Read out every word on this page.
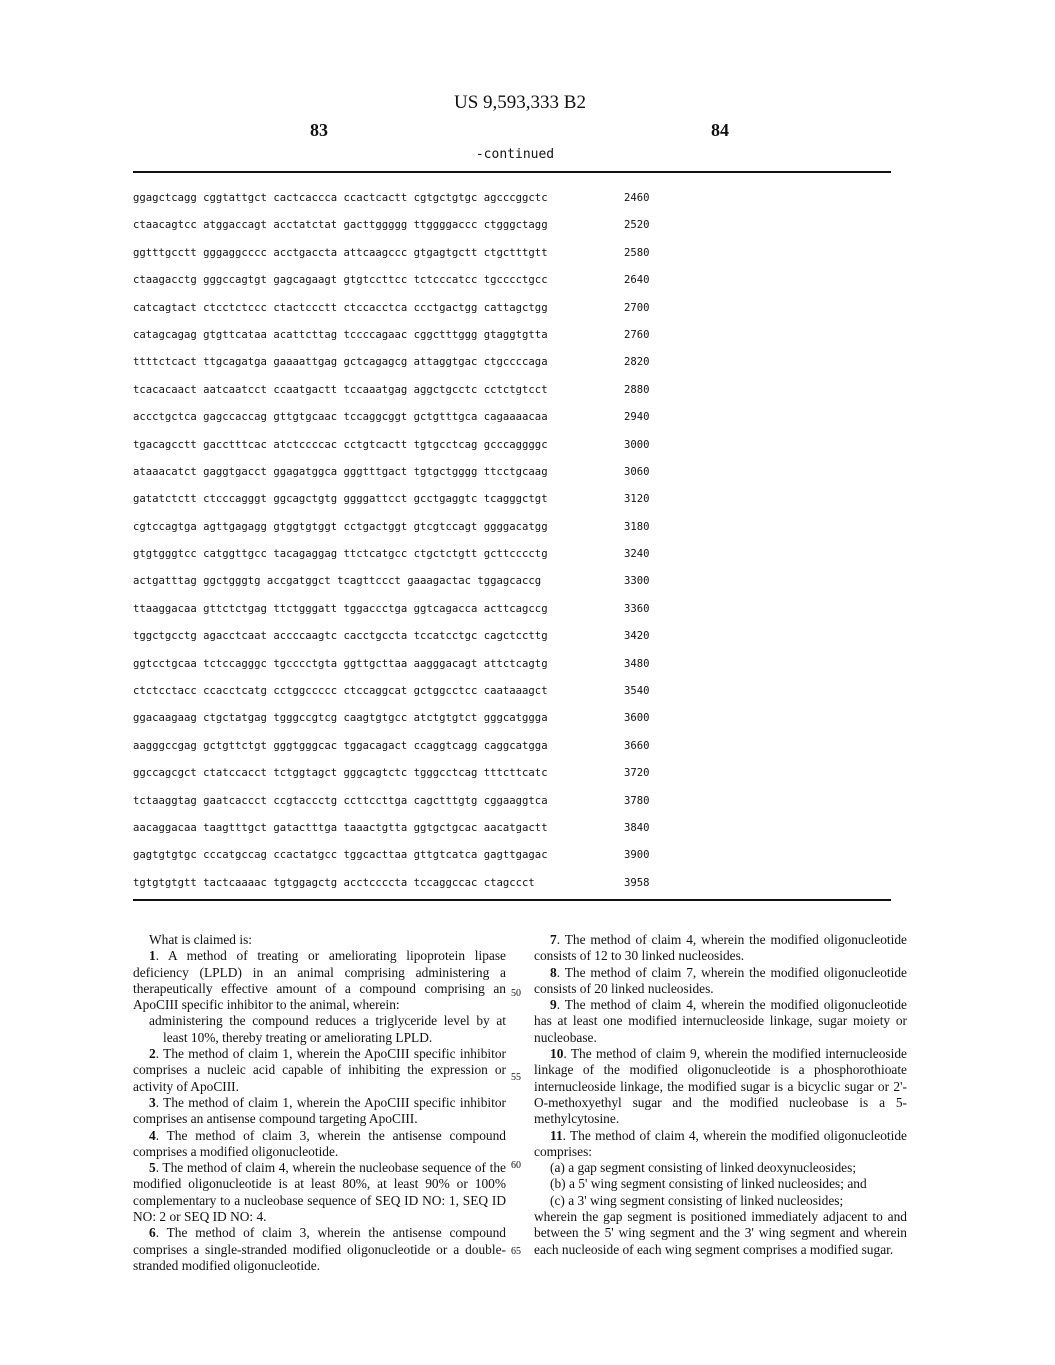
US 9,593,333 B2
83	84
-continued
ggagctcagg cggtattgct cactcaccca ccactcactt cgtgctgtgc agcccggctc	2460
ctaacagtcc atggaccagt acctatctat gacttggggg ttggggaccc ctgggctagg	2520
ggtttgcctt gggaggcccc acctgaccta attcaagccc gtgagtgctt ctgctttgtt	2580
ctaagacctg gggccagtgt gagcagaagt gtgtccttcc tctcccatcc tgcccctgcc	2640
catcagtact ctcctctccc ctactccctt ctccacctca ccctgactgg cattagctgg	2700
catagcagag gtgttcataa acattcttag tccccagaac cggctttggg gtaggtgtta	2760
ttttctcact ttgcagatga gaaaattgag gctcagagcg attaggtgac ctgccccaga	2820
tcacacaact aatcaatcct ccaatgactt tccaaatgag aggctgcctc cctctgtcct	2880
accctgctca gagccaccag gttgtgcaac tccaggcggt gctgtttgca cagaaaacaa	2940
tgacagcctt gacctttcac atctccccac cctgtcactt tgtgcctcag gcccaggggc	3000
ataaacatct gaggtgacct ggagatggca gggtttgact tgtgctgggg ttcctgcaag	3060
gatatctctt ctcccagggt ggcagctgtg ggggattcct gcctgaggtc tcagggctgt	3120
cgtccagtga agttgagagg gtggtgtggt cctgactggt gtcgtccagt ggggacatgg	3180
gtgtgggtcc catggttgcc tacagaggag ttctcatgcc ctgctctgtt gcttcccctg	3240
actgatttag ggctgggtg accgatggct tcagttccct gaaagactac tggagcaccg	3300
ttaaggacaa gttctctgag ttctgggatt tggaccctga ggtcagacca acttcagccg	3360
tggctgcctg agacctcaat accccaagtc cacctgccta tccatcctgc cagctccttg	3420
ggtcctgcaa tctccagggc tgcccctgta ggttgcttaa aagggacagt attctcagtg	3480
ctctcctacc ccacctcatg cctggccccc ctccaggcat gctggcctcc caataaagct	3540
ggacaagaag ctgctatgag tgggccgtcg caagtgtgcc atctgtgtct gggcatggga	3600
aagggccgag gctgttctgt gggtgggcac tggacagact ccaggtcagg caggcatgga	3660
ggccagcgct ctatccacct tctggtagct gggcagtctc tgggcctcag tttcttcatc	3720
tctaaggtag gaatcaccct ccgtaccctg ccttccttga cagctttgtg cggaaggtca	3780
aacaggacaa taagtttgct gatactttga taaactgtta ggtgctgcac aacatgactt	3840
gagtgtgtgc cccatgccag ccactatgcc tggcacttaa gttgtcatca gagttgagac	3900
tgtgtgtgtt tactcaaaac tgtggagctg acctccccta tccaggccac ctagccct	3958

What is claimed is:

1. A method of treating or ameliorating lipoprotein lipase deficiency (LPLD) in an animal comprising administering a therapeutically effective amount of a compound comprising an ApoCIII specific inhibitor to the animal, wherein:

administering the compound reduces a triglyceride level by at least 10%, thereby treating or ameliorating LPLD.

2. The method of claim 1, wherein the ApoCIII specific inhibitor comprises a nucleic acid capable of inhibiting the expression or activity of ApoCIII.

3. The method of claim 1, wherein the ApoCIII specific inhibitor comprises an antisense compound targeting ApoCIII.

4. The method of claim 3, wherein the antisense compound comprises a modified oligonucleotide.

5. The method of claim 4, wherein the nucleobase sequence of the modified oligonucleotide is at least 80%, at least 90% or 100% complementary to a nucleobase sequence of SEQ ID NO: 1, SEQ ID NO: 2 or SEQ ID NO: 4.

6. The method of claim 3, wherein the antisense compound comprises a single-stranded modified oligonucleotide or a double-stranded modified oligonucleotide.

50
55
60
65

7. The method of claim 4, wherein the modified oligonucleotide consists of 12 to 30 linked nucleosides.

8. The method of claim 7, wherein the modified oligonucleotide consists of 20 linked nucleosides.

9. The method of claim 4, wherein the modified oligonucleotide has at least one modified internucleoside linkage, sugar moiety or nucleobase.

10. The method of claim 9, wherein the modified internucleoside linkage of the modified oligonucleotide is a phosphorothioate internucleoside linkage, the modified sugar is a bicyclic sugar or 2'-O-methoxyethyl sugar and the modified nucleobase is a 5-methylcytosine.

11. The method of claim 4, wherein the modified oligonucleotide comprises:

(a) a gap segment consisting of linked deoxynucleosides;

(b) a 5' wing segment consisting of linked nucleosides; and

(c) a 3' wing segment consisting of linked nucleosides;

wherein the gap segment is positioned immediately adjacent to and between the 5' wing segment and the 3' wing segment and wherein each nucleoside of each wing segment comprises a modified sugar.
